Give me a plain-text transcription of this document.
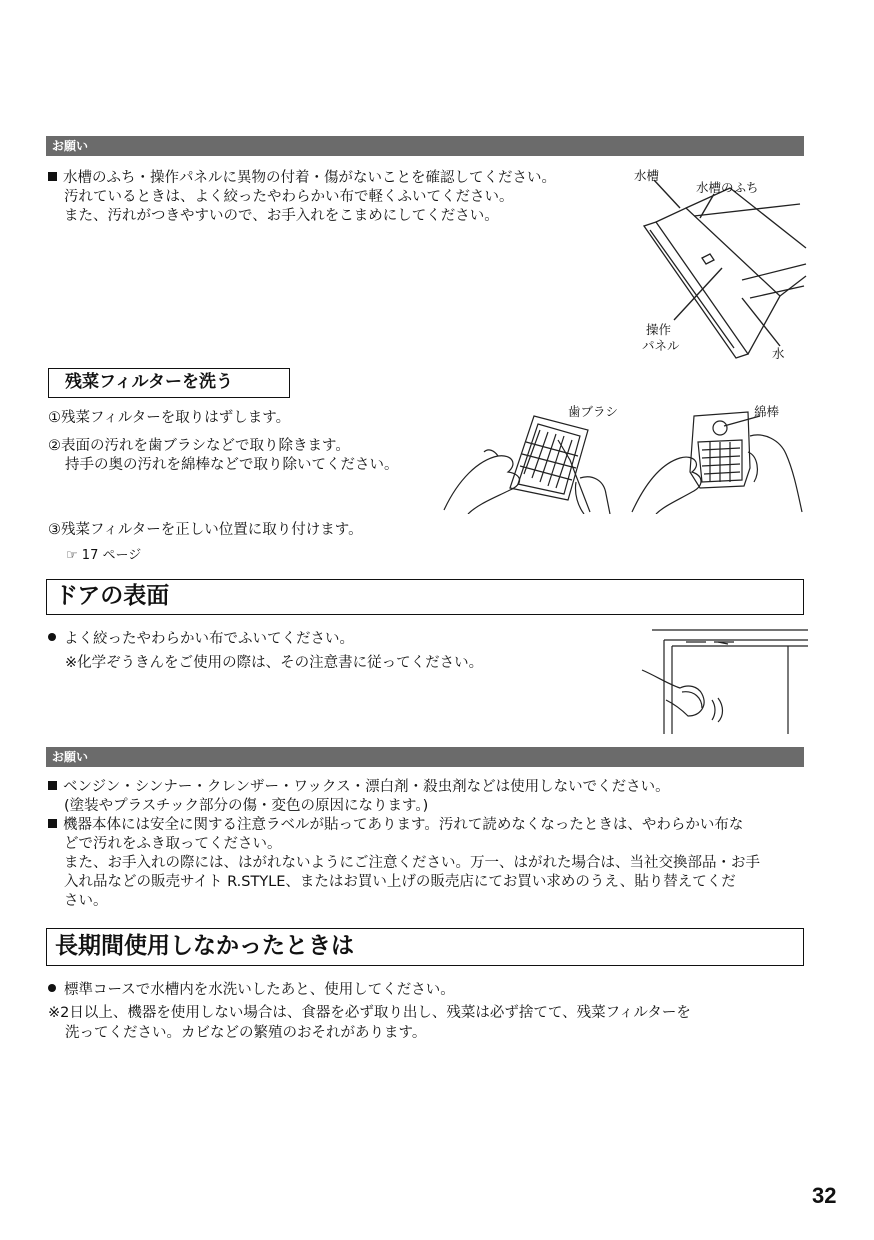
お願い
水槽のふち・操作パネルに異物の付着・傷がないことを確認してください。
汚れているときは、よく絞ったやわらかい布で軽くふいてください。
また、汚れがつきやすいので、お手入れをこまめにしてください。
水槽
水槽のふち
操作
パネル
水
残菜フィルターを洗う
①残菜フィルターを取りはずします。
②表面の汚れを歯ブラシなどで取り除きます。
持手の奥の汚れを綿棒などで取り除いてください。
③残菜フィルターを正しい位置に取り付けます。
☞ 17 ページ
歯ブラシ	綿棒
ドアの表面
よく絞ったやわらかい布でふいてください。
※化学ぞうきんをご使用の際は、その注意書に従ってください。
お願い
ベンジン・シンナー・クレンザー・ワックス・漂白剤・殺虫剤などは使用しないでください。
(塗装やプラスチック部分の傷・変色の原因になります。)
機器本体には安全に関する注意ラベルが貼ってあります。汚れて読めなくなったときは、やわらかい布な
どで汚れをふき取ってください。
また、お手入れの際には、はがれないようにご注意ください。万一、はがれた場合は、当社交換部品・お手
入れ品などの販売サイト R.STYLE、またはお買い上げの販売店にてお買い求めのうえ、貼り替えてくだ
さい。
長期間使用しなかったときは
標準コースで水槽内を水洗いしたあと、使用してください。
※2日以上、機器を使用しない場合は、食器を必ず取り出し、残菜は必ず捨てて、残菜フィルターを
洗ってください。カビなどの繁殖のおそれがあります。
32
